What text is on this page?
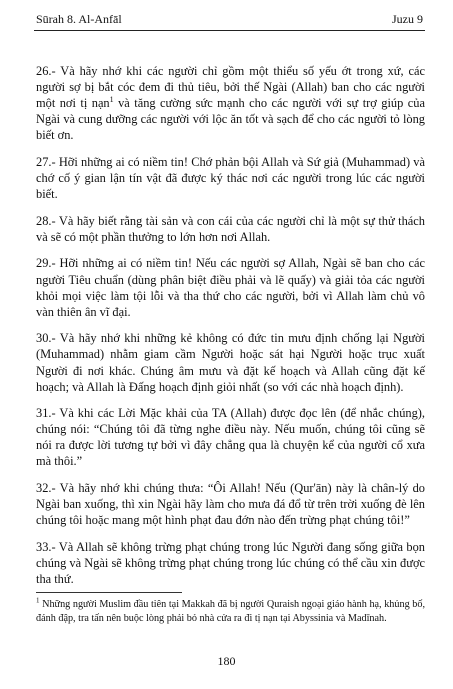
Sūrah 8. Al-Anfāl	Juzu 9

26.- Và hãy nhớ khi các người chỉ gồm một thiểu số yếu ớt trong xứ, các người sợ bị bắt cóc đem đi thủ tiêu, bởi thế Ngài (Allah) ban cho các người một nơi tị nạn$^1$ và tăng cường sức mạnh cho các người với sự trợ giúp của Ngài và cung dưỡng các người với lộc ăn tốt và sạch để cho các người tỏ lòng biết ơn.

27.- Hỡi những ai có niềm tin! Chớ phản bội Allah và Sứ giả (Muhammad) và chớ cố ý gian lận tín vật đã được ký thác nơi các người trong lúc các người biết.

28.- Và hãy biết rằng tài sản và con cái của các người chỉ là một sự thử thách và sẽ có một phần thưởng to lớn hơn nơi Allah.

29.- Hỡi những ai có niềm tin! Nếu các người sợ Allah, Ngài sẽ ban cho các người Tiêu chuẩn (dùng phân biệt điều phải và lẽ quấy) và giải tỏa các người khỏi mọi việc làm tội lỗi và tha thứ cho các người, bởi vì Allah làm chủ vô vàn thiên ân vĩ đại.

30.- Và hãy nhớ khi những kẻ không có đức tin mưu định chống lại Người (Muhammad) nhằm giam cầm Người hoặc sát hại Người hoặc trục xuất Người đi nơi khác. Chúng âm mưu và đặt kế hoạch và Allah cũng đặt kế hoạch; và Allah là Đấng hoạch định giỏi nhất (so với các nhà hoạch định).

31.- Và khi các Lời Mặc khải của TA (Allah) được đọc lên (để nhắc chúng), chúng nói: “Chúng tôi đã từng nghe điều này. Nếu muốn, chúng tôi cũng sẽ nói ra được lời tương tự bởi vì đây chẳng qua là chuyện kể của người cổ xưa mà thôi.”

32.- Và hãy nhớ khi chúng thưa: “Ôi Allah! Nếu (Qur'ān) này là chân-lý do Ngài ban xuống, thì xin Ngài hãy làm cho mưa đá đổ từ trên trời xuống đè lên chúng tôi hoặc mang một hình phạt đau đớn nào đến trừng phạt chúng tôi!”

33.- Và Allah sẽ không trừng phạt chúng trong lúc Người đang sống giữa bọn chúng và Ngài sẽ không trừng phạt chúng trong lúc chúng có thể cầu xin được tha thứ.

$^1$ Những người Muslim đầu tiên tại Makkah đã bị người Quraish ngoại giáo hành hạ, khủng bố, đánh đập, tra tấn nên buộc lòng phải bỏ nhà cửa ra đi tị nạn tại Abyssinia và Madīnah.
180
